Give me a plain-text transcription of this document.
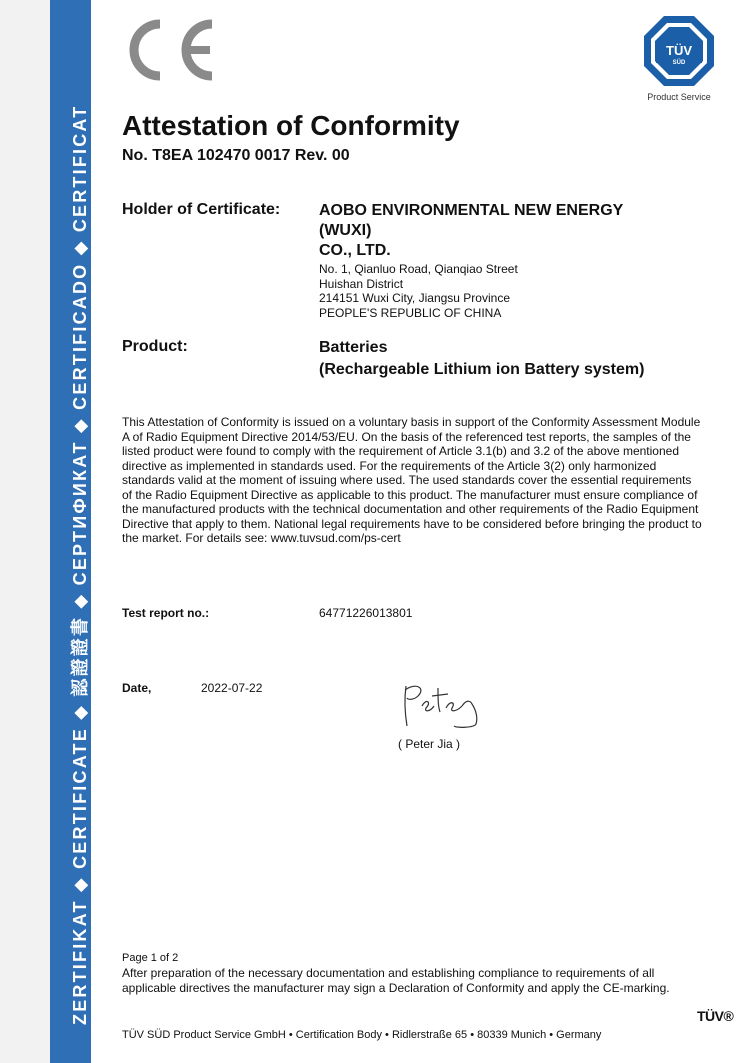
ZERTIFIKAT ◆ CERTIFICATE ◆ 認證證書 ◆ СЕРТИФИКАТ ◆ CERTIFICADO ◆ CERTIFICAT
TÜV
SÜD
Product Service
Attestation of Conformity
No. T8EA 102470 0017 Rev. 00
Holder of Certificate: AOBO ENVIRONMENTAL NEW ENERGY
(WUXI)
CO., LTD.
No. 1, Qianluo Road, Qianqiao Street
Huishan District
214151 Wuxi City, Jiangsu Province
PEOPLE'S REPUBLIC OF CHINA
Product:	Batteries
(Rechargeable Lithium ion Battery system)

This Attestation of Conformity is issued on a voluntary basis in support of the Conformity Assessment Module A of Radio Equipment Directive 2014/53/EU. On the basis of the referenced test reports, the samples of the listed product were found to comply with the requirement of Article 3.1(b) and 3.2 of the above mentioned directive as implemented in standards used. For the requirements of the Article 3(2) only harmonized standards valid at the moment of issuing where used. The used standards cover the essential requirements of the Radio Equipment Directive as applicable to this product. The manufacturer must ensure compliance of the manufactured products with the technical documentation and other requirements of the Radio Equipment Directive that apply to them. National legal requirements have to be considered before bringing the product to the market. For details see: www.tuvsud.com/ps-cert

Test report no.:	64771226013801
Date,	2022-07-22
( Peter Jia )
Page 1 of 2

After preparation of the necessary documentation and establishing compliance to requirements of all applicable directives the manufacturer may sign a Declaration of Conformity and apply the CE-marking.

TÜV SÜD Product Service GmbH • Certification Body • Ridlerstraße 65 • 80339 Munich • Germany
TÜV®
